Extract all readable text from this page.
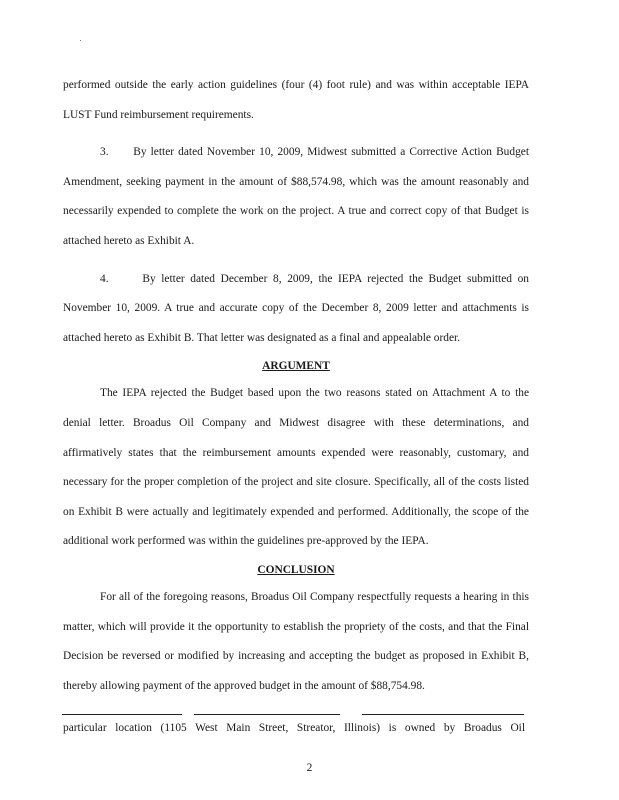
performed outside the early action guidelines (four (4) foot rule) and was within acceptable IEPA LUST Fund reimbursement requirements.

3. By letter dated November 10, 2009, Midwest submitted a Corrective Action Budget Amendment, seeking payment in the amount of $88,574.98, which was the amount reasonably and necessarily expended to complete the work on the project. A true and correct copy of that Budget is attached hereto as Exhibit A.

4.	By letter dated December 8, 2009, the IEPA rejected the Budget submitted on November 10, 2009. A true and accurate copy of the December 8, 2009 letter and attachments is attached hereto as Exhibit B. That letter was designated as a final and appealable order.

ARGUMENT

The IEPA rejected the Budget based upon the two reasons stated on Attachment A to the denial letter. Broadus Oil Company and Midwest disagree with these determinations, and affirmatively states that the reimbursement amounts expended were reasonably, customary, and necessary for the proper completion of the project and site closure. Specifically, all of the costs listed on Exhibit B were actually and legitimately expended and performed. Additionally, the scope of the additional work performed was within the guidelines pre-approved by the IEPA.

CONCLUSION

For all of the foregoing reasons, Broadus Oil Company respectfully requests a hearing in this matter, which will provide it the opportunity to establish the propriety of the costs, and that the Final Decision be reversed or modified by increasing and accepting the budget as proposed in Exhibit B, thereby allowing payment of the approved budget in the amount of $88,754.98.

particular location (1105 West Main Street, Streator, Illinois) is owned by Broadus Oil
2
